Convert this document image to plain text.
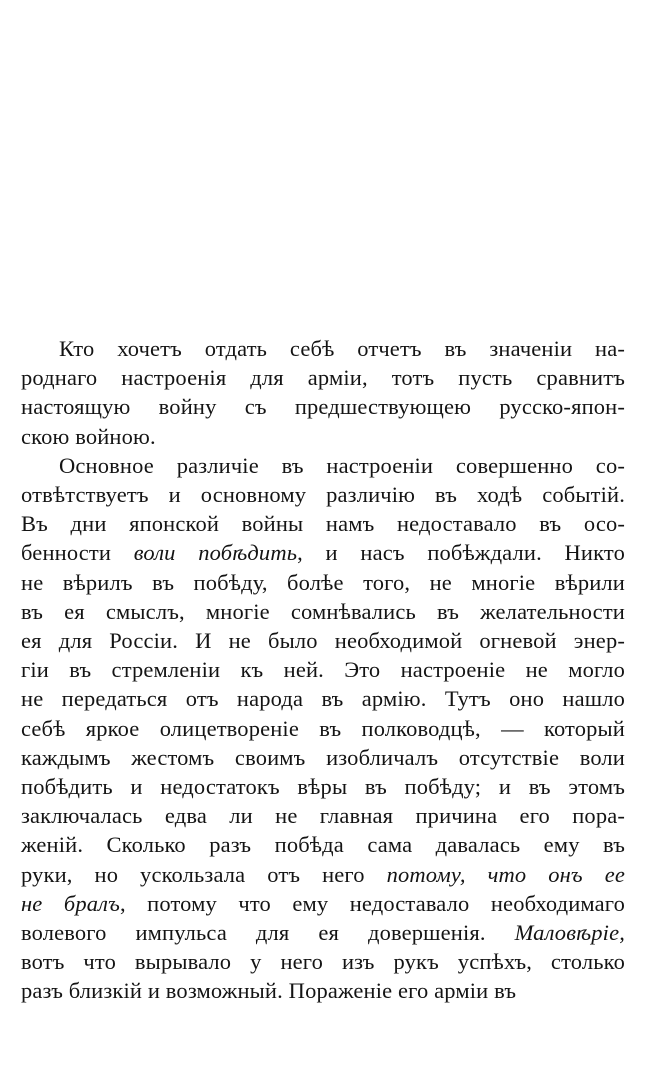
Кто хочетъ отдать себѣ отчетъ въ значеніи на-
роднаго настроенія для арміи, тотъ пусть сравнитъ
настоящую войну съ предшествующею русско-япон-
скою войною.
Основное различіе въ настроеніи совершенно со-
отвѣтствуетъ и основному различію въ ходѣ событій.
Въ дни японской войны намъ недоставало въ осо-
бенности воли побѣдить, и насъ побѣждали. Никто
не вѣрилъ въ побѣду, болѣе того, не многіе вѣрили
въ ея смыслъ, многіе сомнѣвались въ желательности
ея для Россіи. И не было необходимой огневой энер-
гіи въ стремленіи къ ней. Это настроеніе не могло
не передаться отъ народа въ армію. Тутъ оно нашло
себѣ яркое олицетвореніе въ полководцѣ, — который
каждымъ жестомъ своимъ изобличалъ отсутствіе воли
побѣдить и недостатокъ вѣры въ побѣду; и въ этомъ
заключалась едва ли не главная причина его пора-
женій. Сколько разъ побѣда сама давалась ему въ
руки, но ускользала отъ него потому, что онъ ее
не бралъ, потому что ему недоставало необходимаго
волевого импульса для ея довершенія. Маловѣріе,
вотъ что вырывало у него изъ рукъ успѣхъ, столько
разъ близкій и возможный. Пораженіе его арміи въ
